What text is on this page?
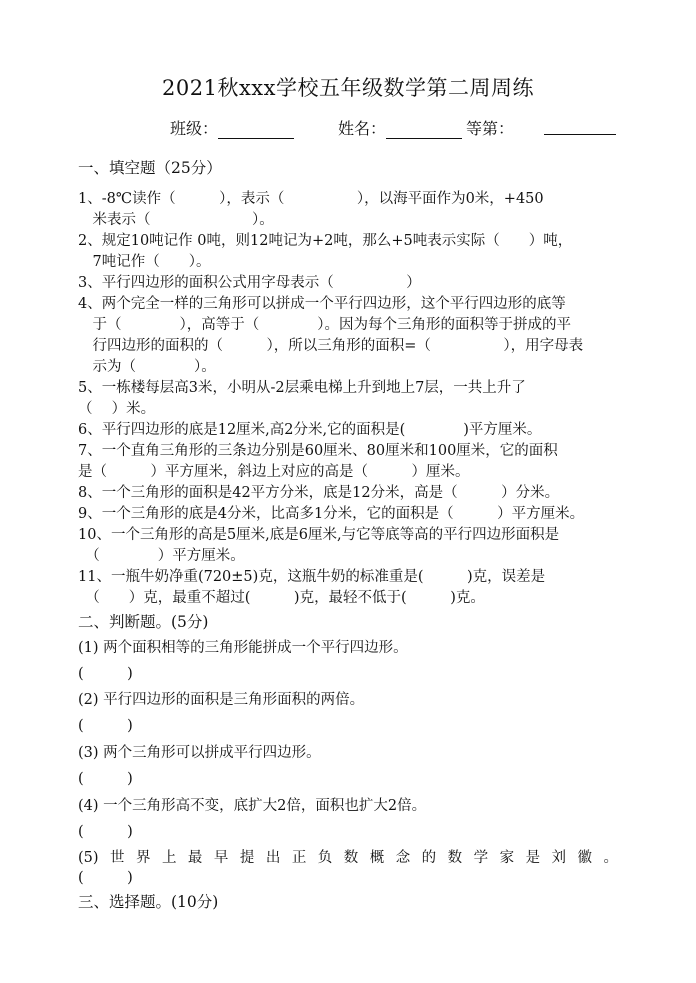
2021秋xxx学校五年级数学第二周周练
班级：	姓名：	等第：
一、填空题（25分）
1、-8℃读作（　　　），表示（　　　　　），以海平面作为0米，+450
　米表示（　　　　　　　）。
2、规定10吨记作 0吨，则12吨记为+2吨，那么+5吨表示实际（　　）吨，
　7吨记作（　　）。
3、平行四边形的面积公式用字母表示（　　　　　）
4、两个完全一样的三角形可以拼成一个平行四边形，这个平行四边形的底等
　于（　　　　），高等于（　　　　）。因为每个三角形的面积等于拼成的平
　行四边形的面积的（　　　），所以三角形的面积=（　　　　　），用字母表
　示为（　　　　）。
5、一栋楼每层高3米，小明从-2层乘电梯上升到地上7层，一共上升了
（　 ）米。
6、平行四边形的底是12厘米,高2分米,它的面积是(　　　　)平方厘米。
7、一个直角三角形的三条边分别是60厘米、80厘米和100厘米，它的面积
是（　　　）平方厘米，斜边上对应的高是（　　　）厘米。
8、一个三角形的面积是42平方分米，底是12分米，高是（　　　）分米。
9、一个三角形的底是4分米，比高多1分米，它的面积是（　　　）平方厘米。
10、一个三角形的高是5厘米,底是6厘米,与它等底等高的平行四边形面积是
　（　　　　）平方厘米。
11、一瓶牛奶净重(720±5)克，这瓶牛奶的标准重是(　　　)克，误差是
　（　　）克，最重不超过(　　　)克，最轻不低于(　　　)克。
二、判断题。(5分)
(1) 两个面积相等的三角形能拼成一个平行四边形。
(　　　)
(2) 平行四边形的面积是三角形面积的两倍。
(　　　)
(3) 两个三角形可以拼成平行四边形。
(　　　)
(4) 一个三角形高不变，底扩大2倍，面积也扩大2倍。
(　　　)
(5)世界上最早提出正负数概念的数学家是刘徽。
(　　　)
三、选择题。(10分)
